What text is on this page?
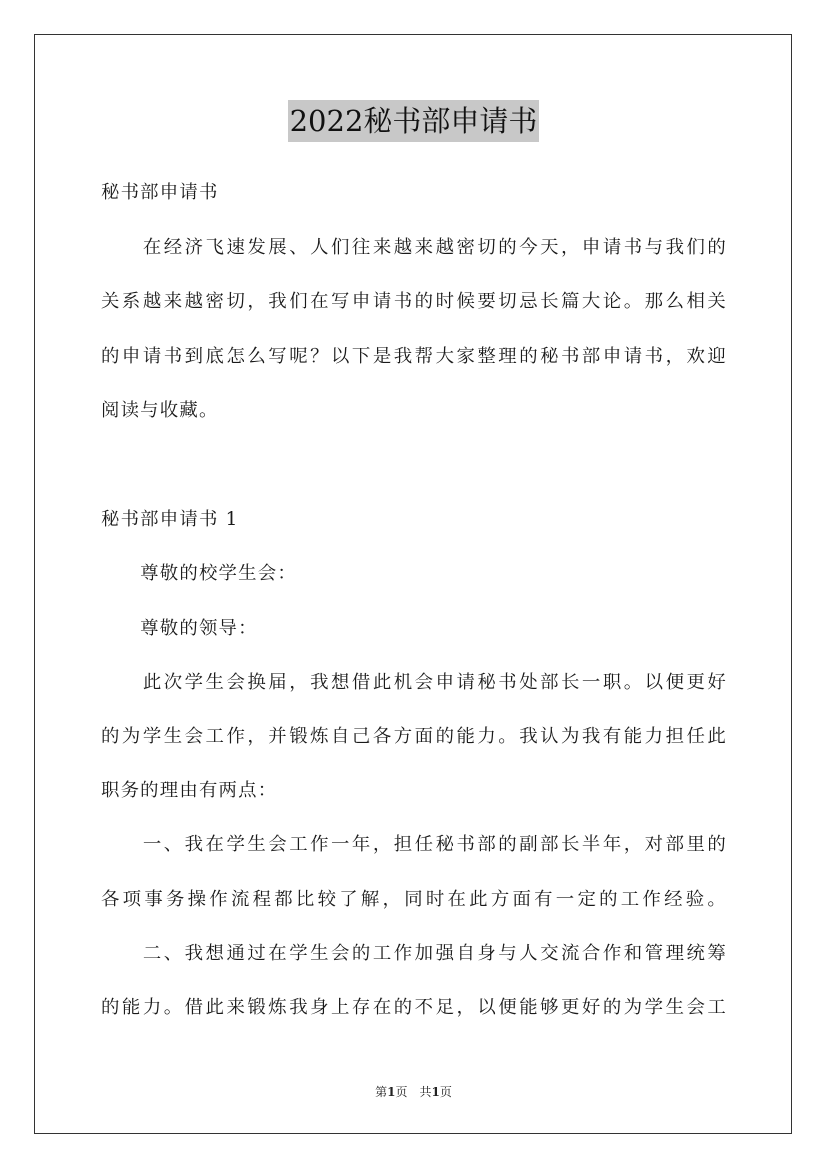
2022秘书部申请书
秘书部申请书
　　在经济飞速发展、人们往来越来越密切的今天，申请书与我们的
关系越来越密切，我们在写申请书的时候要切忌长篇大论。那么相关
的申请书到底怎么写呢？以下是我帮大家整理的秘书部申请书，欢迎
阅读与收藏。
秘书部申请书 1
　　尊敬的校学生会：
　　尊敬的领导：
　　此次学生会换届，我想借此机会申请秘书处部长一职。以便更好
的为学生会工作，并锻炼自己各方面的能力。我认为我有能力担任此
职务的理由有两点：
　　一、我在学生会工作一年，担任秘书部的副部长半年，对部里的
各项事务操作流程都比较了解，同时在此方面有一定的工作经验。
　　二、我想通过在学生会的工作加强自身与人交流合作和管理统筹
的能力。借此来锻炼我身上存在的不足，以便能够更好的为学生会工
第1页　共1页
